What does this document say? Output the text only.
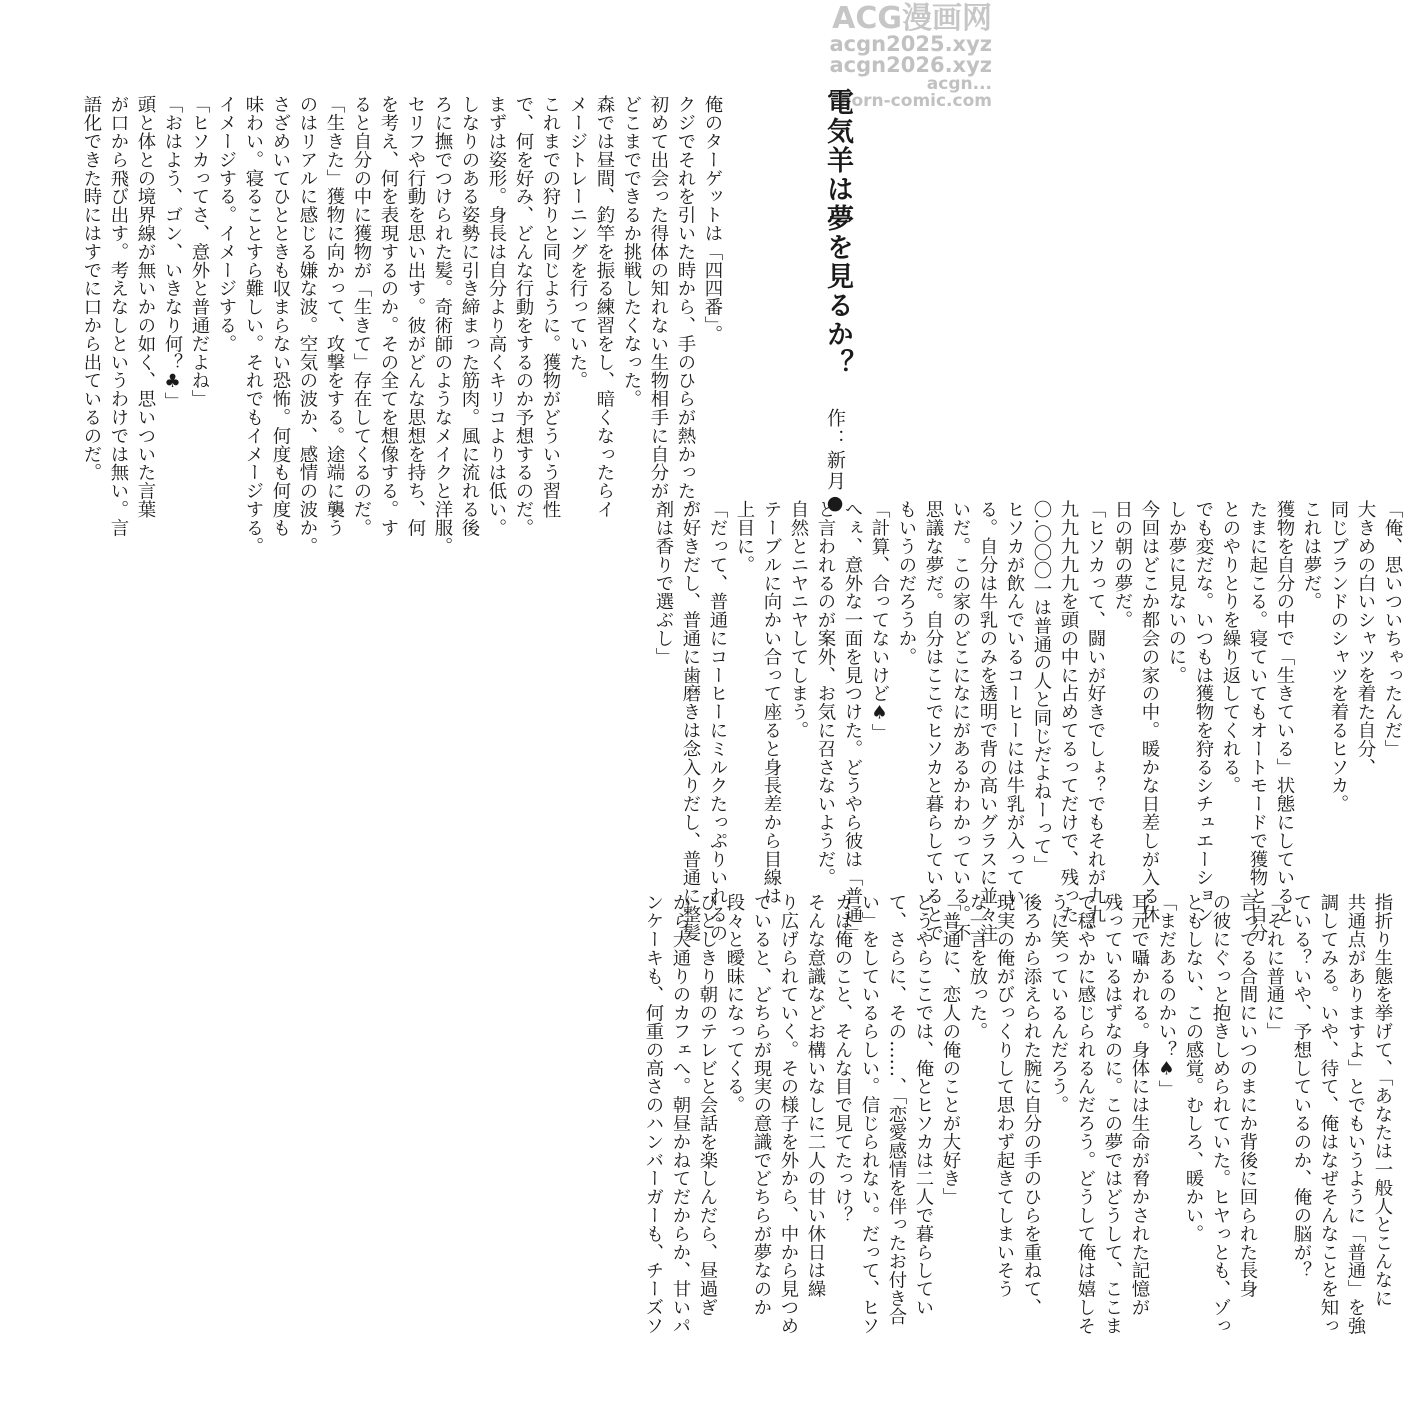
ACG漫画网
acgn2025.xyz
acgn2026.xyz
acgn...
porn-comic.com
電気羊は夢を見るか？
作：新月●

俺のターゲットは「四四番」。

クジでそれを引いた時から、手のひらが熱かった。

初めて出会った得体の知れない生物相手に自分が

どこまでできるか挑戦したくなった。

森では昼間、釣竿を振る練習をし、暗くなったらイ

メージトレーニングを行っていた。

これまでの狩りと同じように。獲物がどういう習性

で、何を好み、どんな行動をするのか予想するのだ。

まずは姿形。身長は自分より高くキリコよりは低い。

しなりのある姿勢に引き締まった筋肉。風に流れる後

ろに撫でつけられた髪。奇術師のようなメイクと洋服。

セリフや行動を思い出す。彼がどんな思想を持ち、何

を考え、何を表現するのか。その全てを想像する。す

ると自分の中に獲物が「生きて」存在してくるのだ。

「生きた」獲物に向かって、攻撃をする。途端に襲う

のはリアルに感じる嫌な波。空気の波か、感情の波か。

さざめいてひとときも収まらない恐怖。何度も何度も

味わい。寝ることすら難しい。それでもイメージする。

イメージする。イメージする。

「ヒソカってさ、意外と普通だよね」

「おはよう、ゴン、いきなり何？♣」

頭と体との境界線が無いかの如く、思いついた言葉

が口から飛び出す。考えなしというわけでは無い。言

語化できた時にはすでに口から出ているのだ。

「俺、思いついちゃったんだ」

大きめの白いシャツを着た自分、

同じブランドのシャツを着るヒソカ。

これは夢だ。

獲物を自分の中で「生きている」状態にしていると

たまに起こる。寝ていてもオートモードで獲物と自分

とのやりとりを繰り返してくれる。

でも変だな。いつもは獲物を狩るシチュエーション

しか夢に見ないのに。

今回はどこか都会の家の中。暖かな日差しが入る休

日の朝の夢だ。

「ヒソカって、闘いが好きでしょ？でもそれが九九.

九九九九九を頭の中に占めてるってだけで、残った

〇.〇〇〇一は普通の人と同じだよねーって」

ヒソカが飲んでいるコーヒーには牛乳が入ってい

る。自分は牛乳のみを透明で背の高いグラスに並々注

いだ。この家のどこになにがあるかわかっている。不

思議な夢だ。自分はここでヒソカと暮らしているとで

もいうのだろうか。

「計算、合ってないけど♠」

へぇ、意外な一面を見つけた。どうやら彼は「普通」

と言われるのが案外、お気に召さないようだ。

自然とニヤニヤしてしまう。

テーブルに向かい合って座ると身長差から目線は

上目に。

「だって、普通にコーヒーにミルクたっぷりいれるの

が好きだし、普通に歯磨きは念入りだし、普通に整髪

剤は香りで選ぶし」

指折り生態を挙げて、「あなたは一般人とこんなに

共通点がありますよ」とでもいうように「普通」を強

調してみる。いや、待て、俺はなぜそんなことを知っ

ている？いや、予想しているのか、俺の脳が？

「それに普通に」

言ってる合間にいつのまにか背後に回られた長身

の彼にぐっと抱きしめられていた。ヒヤっとも、ゾっ

ともしない、この感覚。むしろ、暖かい。

「まだあるのかい？♠」

耳元で囁かれる。身体には生命が脅かされた記憶が

残っているはずなのに。この夢ではどうして、ここま

で穏やかに感じられるんだろう。どうして俺は嬉しそ

うに笑っているんだろう。

後ろから添えられた腕に自分の手のひらを重ねて、

現実の俺がびっくりして思わず起きてしまいそう

な一言を放った。

「普通に、恋人の俺のことが大好き」

どうやらここでは、俺とヒソカは二人で暮らしてい

て、さらに、その……、「恋愛感情を伴ったお付き合

い」をしているらしい。信じられない。だって、ヒソ

カは俺のこと、そんな目で見てたっけ？

そんな意識などお構いなしに二人の甘い休日は繰

り広げられていく。その様子を外から、中から見つめ

ていると、どちらが現実の意識でどちらが夢なのか

段々と曖昧になってくる。

ひとしきり朝のテレビと会話を楽しんだら、昼過ぎ

から大通りのカフェへ。朝昼かねてだからか、甘いパ

ンケーキも、何重の高さのハンバーガーも、チーズソ
